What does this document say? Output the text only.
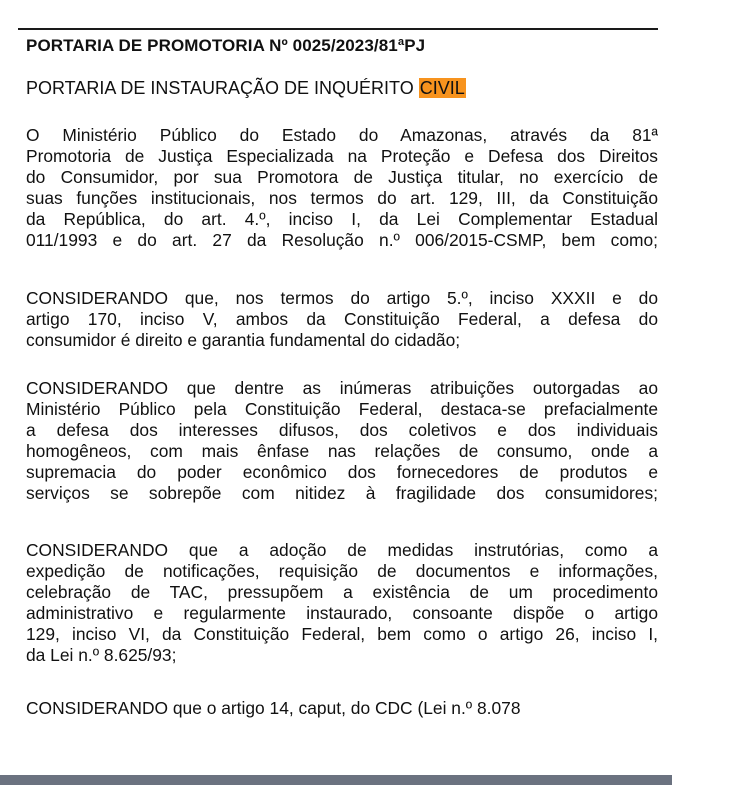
PORTARIA DE PROMOTORIA Nº 0025/2023/81ªPJ
PORTARIA DE INSTAURAÇÃO DE INQUÉRITO CIVIL
O Ministério Público do Estado do Amazonas, através da 81ª
Promotoria de Justiça Especializada na Proteção e Defesa dos Direitos
do Consumidor, por sua Promotora de Justiça titular, no exercício de
suas funções institucionais, nos termos do art. 129, III, da Constituição
da República, do art. 4.º, inciso I, da Lei Complementar Estadual
011/1993 e do art. 27 da Resolução n.º 006/2015-CSMP, bem como;
CONSIDERANDO que, nos termos do artigo 5.º, inciso XXXII e do
artigo 170, inciso V, ambos da Constituição Federal, a defesa do
consumidor é direito e garantia fundamental do cidadão;
CONSIDERANDO que dentre as inúmeras atribuições outorgadas ao
Ministério Público pela Constituição Federal, destaca-se prefacialmente
a defesa dos interesses difusos, dos coletivos e dos individuais
homogêneos, com mais ênfase nas relações de consumo, onde a
supremacia do poder econômico dos fornecedores de produtos e
serviços se sobrepõe com nitidez à fragilidade dos consumidores;
CONSIDERANDO que a adoção de medidas instrutórias, como a
expedição de notificações, requisição de documentos e informações,
celebração de TAC, pressupõem a existência de um procedimento
administrativo e regularmente instaurado, consoante dispõe o artigo
129, inciso VI, da Constituição Federal, bem como o artigo 26, inciso I,
da Lei n.º 8.625/93;
CONSIDERANDO que o artigo 14, caput, do CDC (Lei n.º 8.078
